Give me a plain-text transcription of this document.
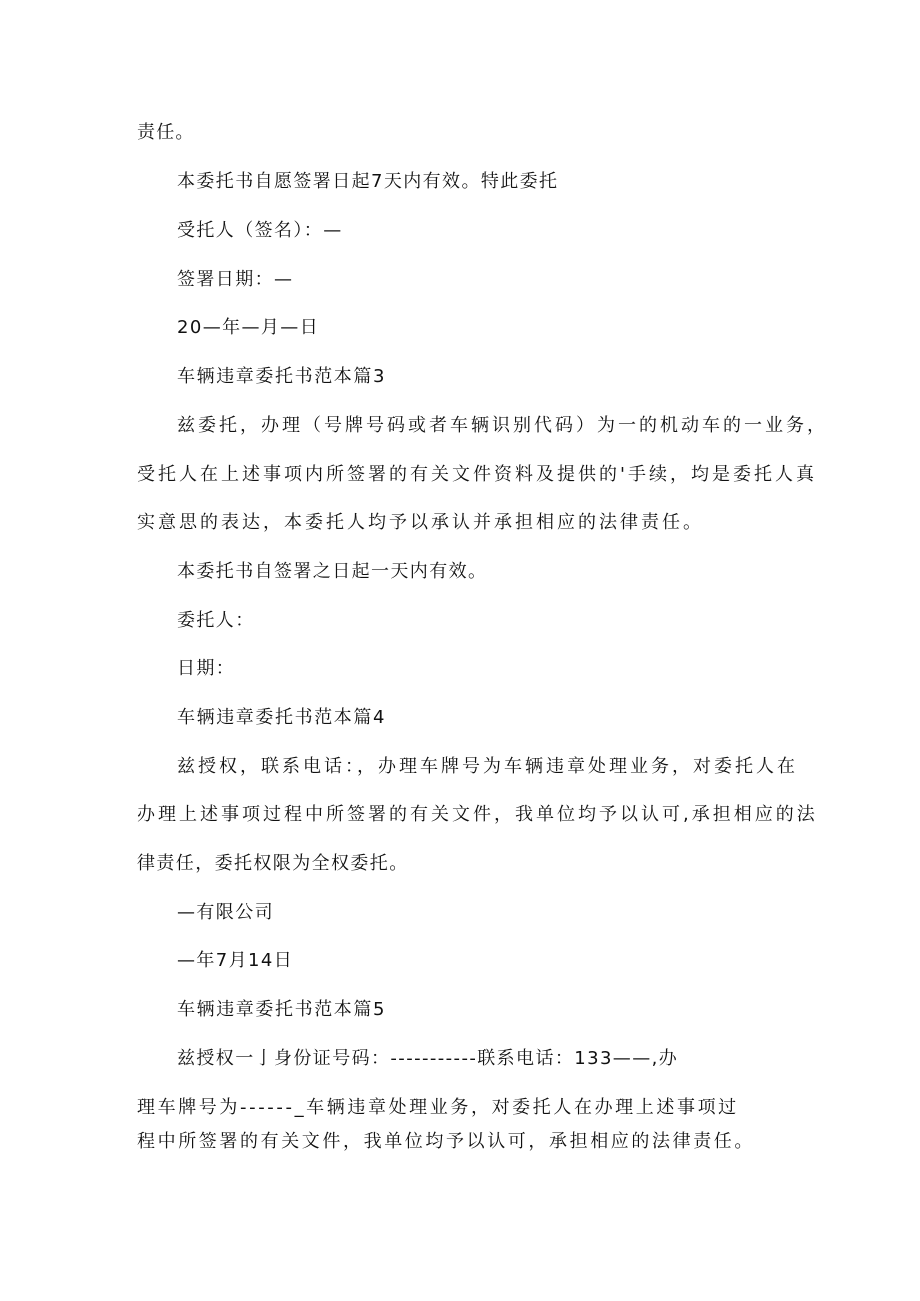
责任。
本委托书自愿签署日起7天内有效。特此委托
受托人（签名）：—
签署日期：—
20—年—月—日
车辆违章委托书范本篇3
兹委托，办理（号牌号码或者车辆识别代码）为一的机动车的一业务，
受托人在上述事项内所签署的有关文件资料及提供的'手续，均是委托人真
实意思的表达，本委托人均予以承认并承担相应的法律责任。
本委托书自签署之日起一天内有效。
委托人：
日期：
车辆违章委托书范本篇4
兹授权，联系电话：，办理车牌号为车辆违章处理业务，对委托人在
办理上述事项过程中所签署的有关文件，我单位均予以认可,承担相应的法
律责任，委托权限为全权委托。
—有限公司
—年7月14日
车辆违章委托书范本篇5
兹授权一亅身份证号码：-----------联系电话：133——,办
理车牌号为------_车辆违章处理业务，对委托人在办理上述事项过
程中所签署的有关文件，我单位均予以认可，承担相应的法律责任。
